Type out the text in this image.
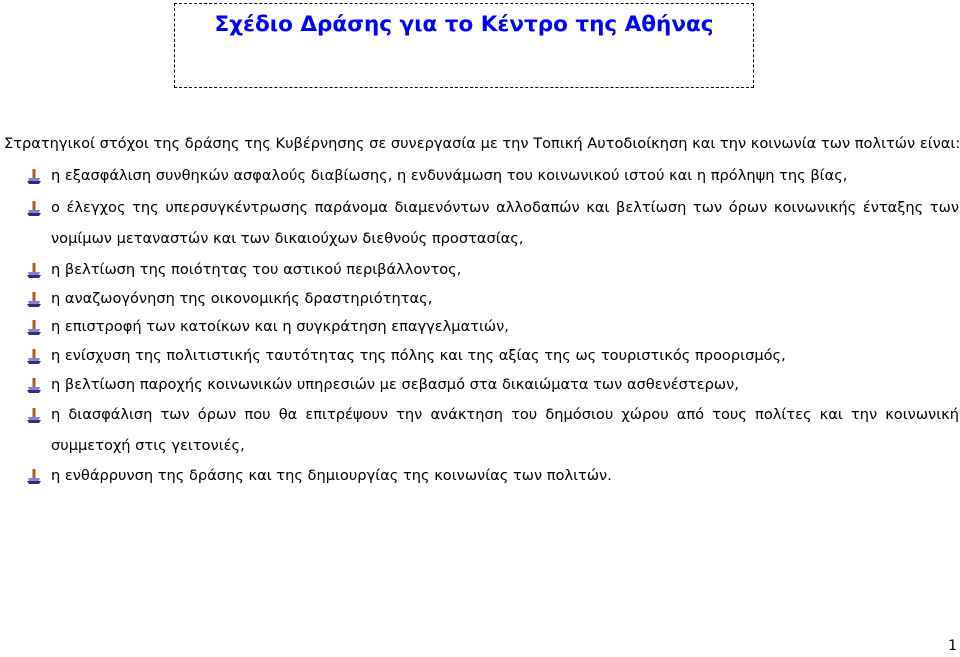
Σχέδιο Δράσης για το Κέντρο της Αθήνας
Στρατηγικοί στόχοι της δράσης της Κυβέρνησης σε συνεργασία με την Τοπική Αυτοδιοίκηση και την κοινωνία των πολιτών είναι:
η εξασφάλιση συνθηκών ασφαλούς διαβίωσης, η ενδυνάμωση του κοινωνικού ιστού και η πρόληψη της βίας,
ο έλεγχος της υπερσυγκέντρωσης παράνομα διαμενόντων αλλοδαπών και βελτίωση των όρων κοινωνικής ένταξης των
νομίμων μεταναστών και των δικαιούχων διεθνούς προστασίας,
η βελτίωση της ποιότητας του αστικού περιβάλλοντος,
η αναζωογόνηση της οικονομικής δραστηριότητας,
η επιστροφή των κατοίκων και η συγκράτηση επαγγελματιών,
η ενίσχυση της πολιτιστικής ταυτότητας της πόλης και της αξίας της ως τουριστικός προορισμός,
η βελτίωση παροχής κοινωνικών υπηρεσιών με σεβασμό στα δικαιώματα των ασθενέστερων,
η διασφάλιση των όρων που θα επιτρέψουν την ανάκτηση του δημόσιου χώρου από τους πολίτες και την κοινωνική
συμμετοχή στις γειτονιές,
η ενθάρρυνση της δράσης και της δημιουργίας της κοινωνίας των πολιτών.
1
